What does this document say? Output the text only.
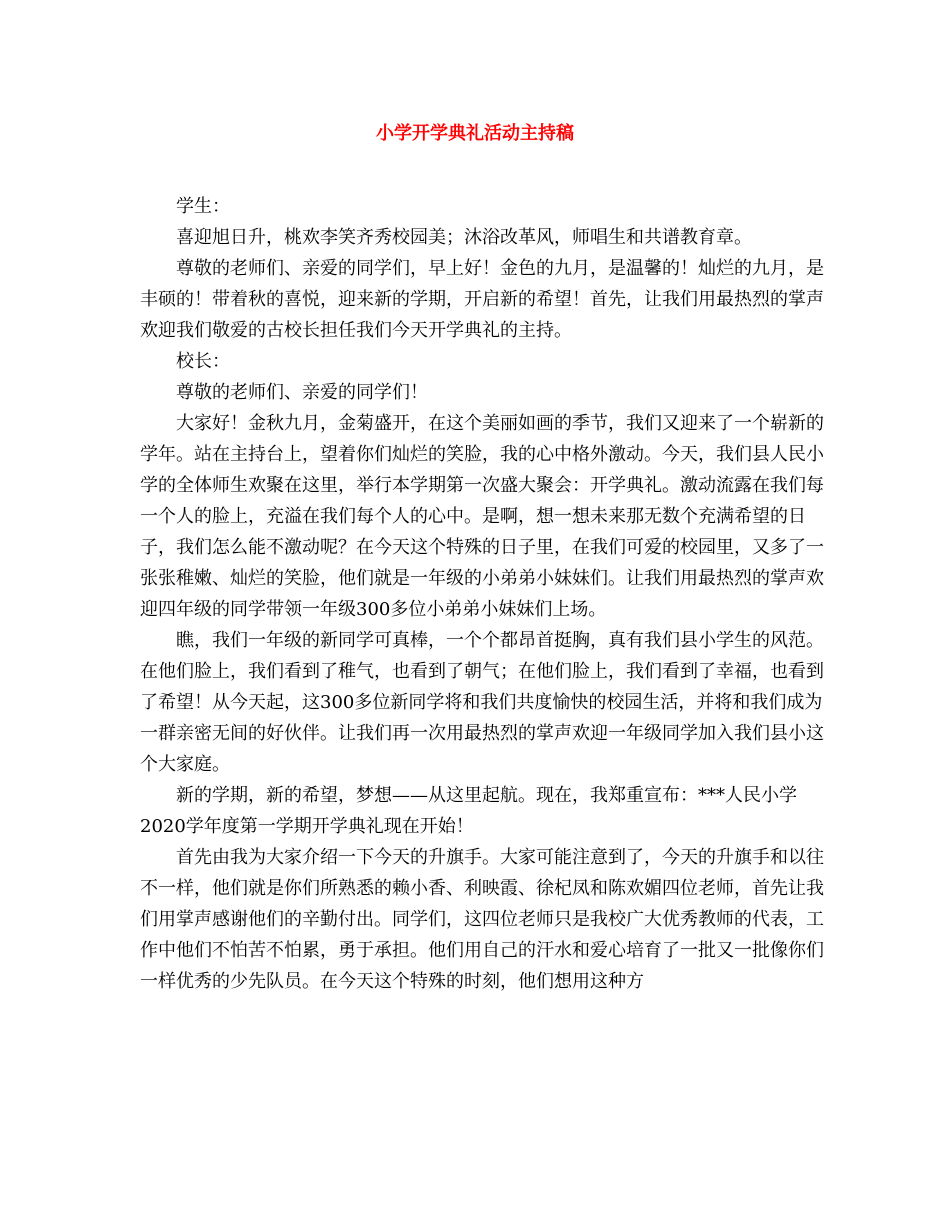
小学开学典礼活动主持稿

学生：

喜迎旭日升，桃欢李笑齐秀校园美；沐浴改革风，师唱生和共谱教育章。

尊敬的老师们、亲爱的同学们，早上好！金色的九月，是温馨的！灿烂的九月，是丰硕的！带着秋的喜悦，迎来新的学期，开启新的希望！首先，让我们用最热烈的掌声欢迎我们敬爱的古校长担任我们今天开学典礼的主持。

校长：

尊敬的老师们、亲爱的同学们！

大家好！金秋九月，金菊盛开，在这个美丽如画的季节，我们又迎来了一个崭新的学年。站在主持台上，望着你们灿烂的笑脸，我的心中格外激动。今天，我们县人民小学的全体师生欢聚在这里，举行本学期第一次盛大聚会：开学典礼。激动流露在我们每一个人的脸上，充溢在我们每个人的心中。是啊，想一想未来那无数个充满希望的日子，我们怎么能不激动呢？在今天这个特殊的日子里，在我们可爱的校园里，又多了一张张稚嫩、灿烂的笑脸，他们就是一年级的小弟弟小妹妹们。让我们用最热烈的掌声欢迎四年级的同学带领一年级300多位小弟弟小妹妹们上场。

瞧，我们一年级的新同学可真棒，一个个都昂首挺胸，真有我们县小学生的风范。在他们脸上，我们看到了稚气，也看到了朝气；在他们脸上，我们看到了幸福，也看到了希望！从今天起，这300多位新同学将和我们共度愉快的校园生活，并将和我们成为一群亲密无间的好伙伴。让我们再一次用最热烈的掌声欢迎一年级同学加入我们县小这个大家庭。

新的学期，新的希望，梦想——从这里起航。现在，我郑重宣布：***人民小学2020学年度第一学期开学典礼现在开始！

首先由我为大家介绍一下今天的升旗手。大家可能注意到了，今天的升旗手和以往不一样，他们就是你们所熟悉的赖小香、利映霞、徐杞凤和陈欢媚四位老师，首先让我们用掌声感谢他们的辛勤付出。同学们，这四位老师只是我校广大优秀教师的代表，工作中他们不怕苦不怕累，勇于承担。他们用自己的汗水和爱心培育了一批又一批像你们一样优秀的少先队员。在今天这个特殊的时刻，他们想用这种方
